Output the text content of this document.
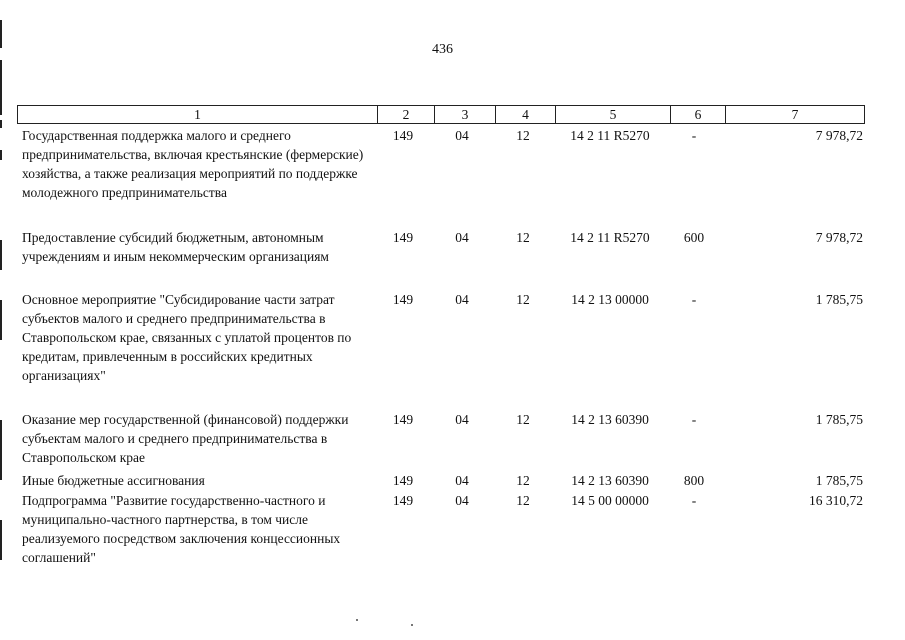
436
1	2	3	4	5	6	7
Государственная поддержка малого и среднего предпринимательства, включая крестьянские (фермерские) хозяйства, а также реализация мероприятий по поддержке молодежного предпринимательства
149	04	12	14 2 11 R5270	-	7 978,72
Предоставление субсидий бюджетным, автономным учреждениям и иным некоммерческим организациям
149	04	12	14 2 11 R5270	600	7 978,72
Основное мероприятие "Субсидирование части затрат субъектов малого и среднего предпринимательства в Ставропольском крае, связанных с уплатой процентов по кредитам, привлеченным в российских кредитных организациях"
149	04	12	14 2 13 00000	-	1 785,75
Оказание мер государственной (финансовой) поддержки субъектам малого и среднего предпринимательства в Ставропольском крае
149	04	12	14 2 13 60390	-	1 785,75
Иные бюджетные ассигнования	149	04	12	14 2 13 60390	800	1 785,75
Подпрограмма "Развитие государственно-частного и муниципально-частного партнерства, в том числе реализуемого посредством заключения концессионных соглашений"
149	04	12	14 5 00 00000	-	16 310,72
